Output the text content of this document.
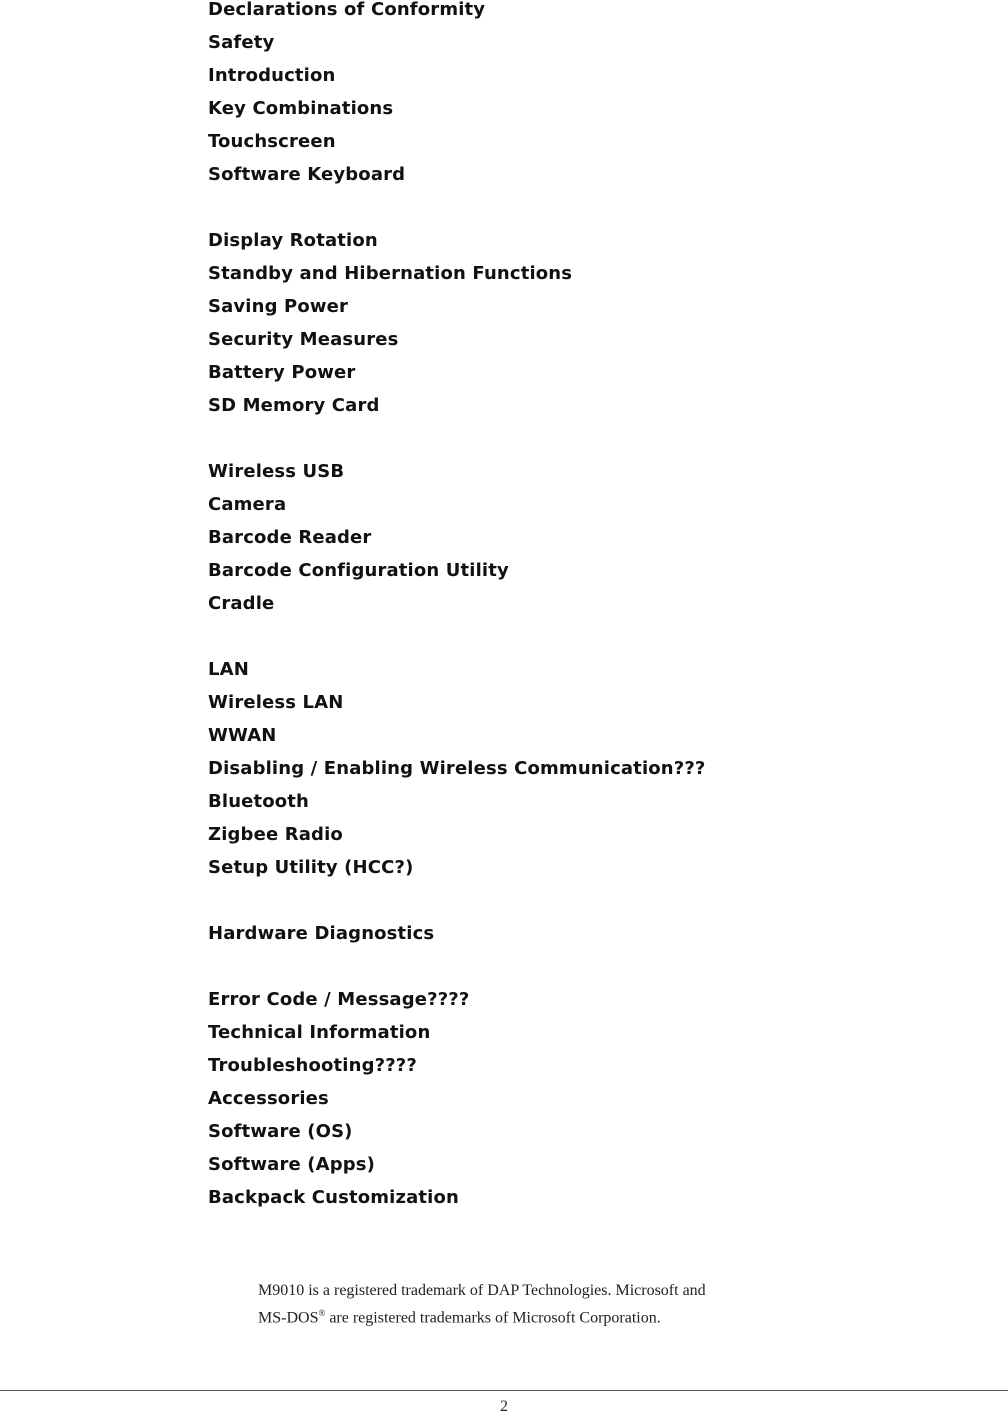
Declarations of Conformity
Safety
Introduction
Key Combinations
Touchscreen
Software Keyboard
Display Rotation
Standby and Hibernation Functions
Saving Power
Security Measures
Battery Power
SD Memory Card
Wireless USB
Camera
Barcode Reader
Barcode Configuration Utility
Cradle
LAN
Wireless LAN
WWAN
Disabling / Enabling Wireless Communication???
Bluetooth
Zigbee Radio
Setup Utility (HCC?)
Hardware Diagnostics
Error Code / Message????
Technical Information
Troubleshooting????
Accessories
Software (OS)
Software (Apps)
Backpack Customization

M9010 is a registered trademark of DAP Technologies. Microsoft and

MS-DOS® are registered trademarks of Microsoft Corporation.

2
